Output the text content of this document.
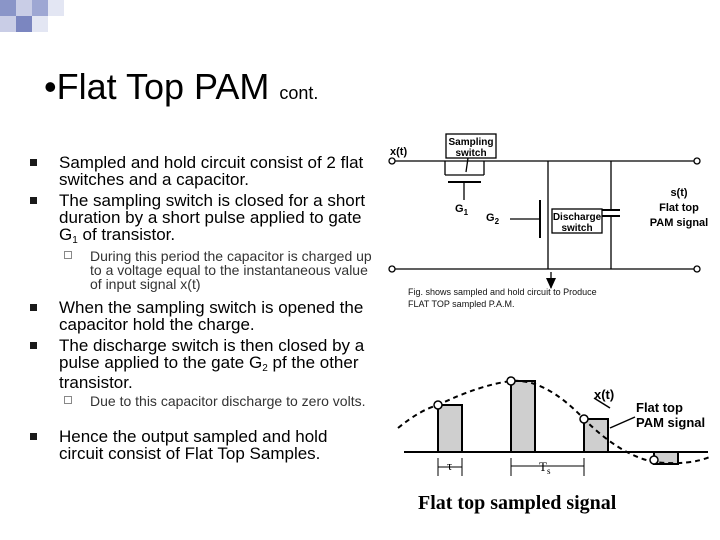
•Flat Top PAM cont.
Sampled and hold circuit consist of 2 flat switches and a capacitor.
The sampling switch is closed for a short duration by a short pulse applied to gate $G_1$ of transistor.
During this period the capacitor is charged up to a voltage equal to the instantaneous value of input signal x(t)
When the sampling switch is opened the capacitor hold the charge.
The discharge switch is then closed by a pulse applied to the gate $G_2$ pf the other transistor.
Due to this capacitor discharge to zero volts.
Hence the output sampled and hold circuit consist of Flat Top Samples.
x(t)
Sampling
switch
Discharge
switch
$G_1$ $G_2$
s(t)
Flat top
PAM signal
x(t)
Flat top
PAM signal
τ	$T_s$
Fig. shows sampled and hold circuit to Produce FLAT TOP sampled P.A.M.
Flat top sampled signal
